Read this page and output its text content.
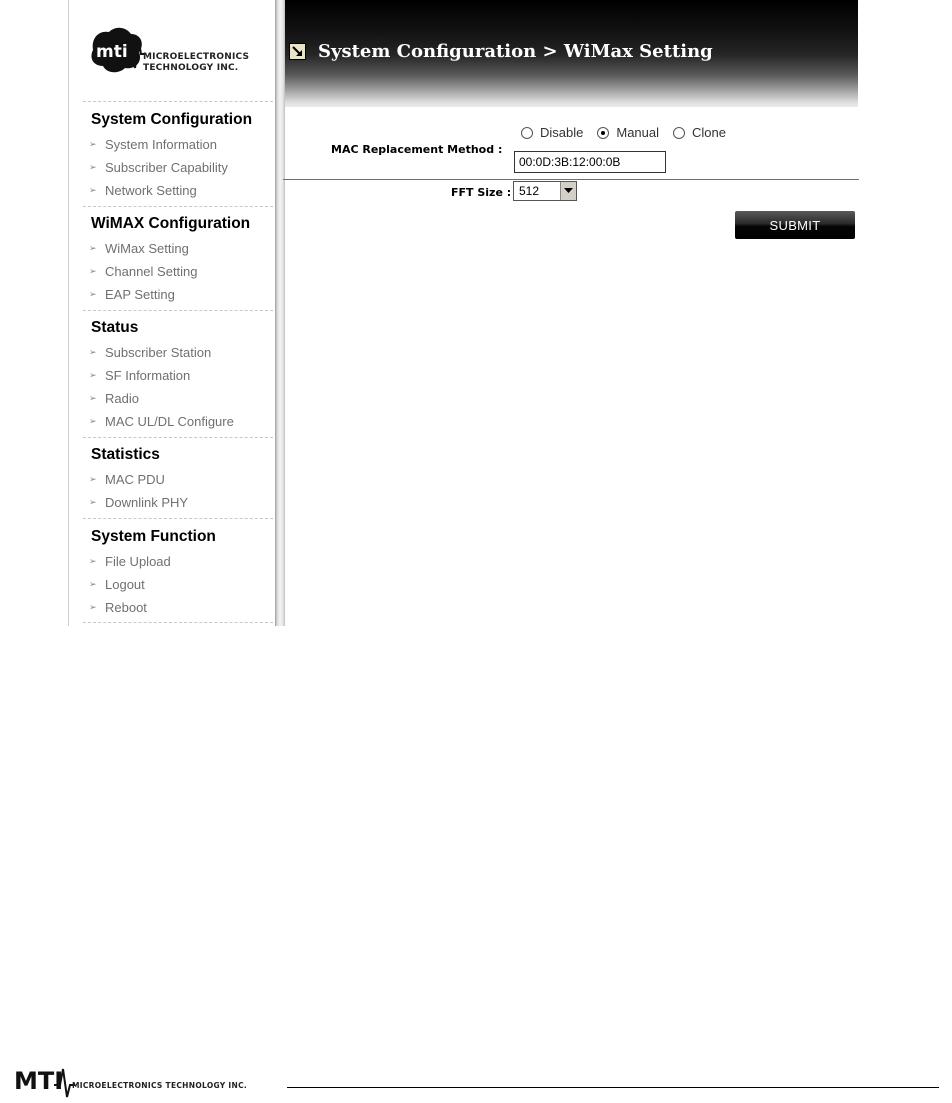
mti MICROELECTRONICS
TECHNOLOGY INC.
System Configuration
➢ System Information
➢ Subscriber Capability
➢ Network Setting
WiMAX Configuration
➢ WiMax Setting
➢ Channel Setting
➢ EAP Setting
Status
➢ Subscriber Station
➢ SF Information
➢ Radio
➢ MAC UL/DL Configure
Statistics
➢ MAC PDU
➢ Downlink PHY
System Function
➢ File Upload
➢ Logout
➢ Reboot
System Configuration > WiMax Setting
MAC Replacement Method :
Disable	Manual	Clone
00:0D:3B:12:00:0B
FFT Size : 512
SUBMIT
MTI MICROELECTRONICS TECHNOLOGY INC.
